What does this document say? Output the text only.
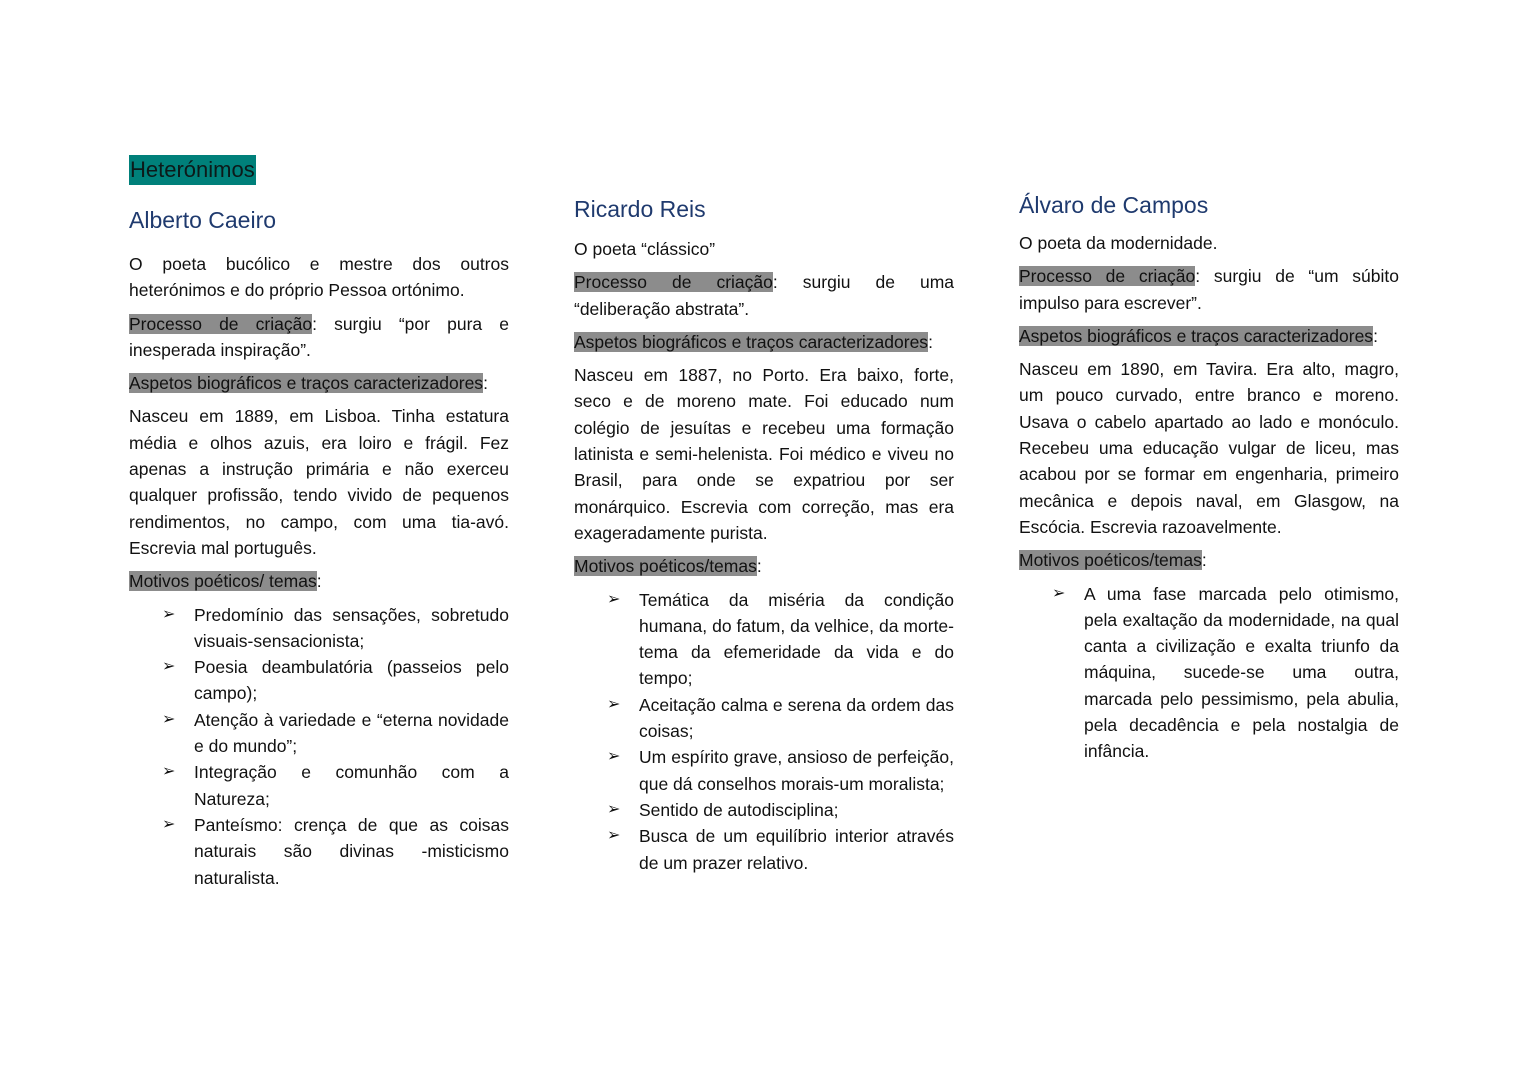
Heterónimos
Alberto Caeiro

O poeta bucólico e mestre dos outros heterónimos e do próprio Pessoa ortónimo.

Processo de criação: surgiu “por pura e inesperada inspiração”.

Aspetos biográficos e traços caracterizadores:

Nasceu em 1889, em Lisboa. Tinha estatura média e olhos azuis, era loiro e frágil. Fez apenas a instrução primária e não exerceu qualquer profissão, tendo vivido de pequenos rendimentos, no campo, com uma tia-avó. Escrevia mal português.

Motivos poéticos/ temas:

➢ Predomínio das sensações, sobretudo visuais-sensacionista;
➢ Poesia deambulatória (passeios pelo campo);
➢ Atenção à variedade e “eterna novidade e do mundo”;
➢ Integração e comunhão com a Natureza;
➢ Panteísmo: crença de que as coisas naturais são divinas -misticismo naturalista.
Ricardo Reis

O poeta “clássico”

Processo de criação: surgiu de uma “deliberação abstrata”.

Aspetos biográficos e traços caracterizadores:

Nasceu em 1887, no Porto. Era baixo, forte, seco e de moreno mate. Foi educado num colégio de jesuítas e recebeu uma formação latinista e semi-helenista. Foi médico e viveu no Brasil, para onde se expatriou por ser monárquico. Escrevia com correção, mas era exageradamente purista.

Motivos poéticos/temas:

➢ Temática da miséria da condição humana, do fatum, da velhice, da morte- tema da efemeridade da vida e do tempo;
➢ Aceitação calma e serena da ordem das coisas;
➢ Um espírito grave, ansioso de perfeição, que dá conselhos morais-um moralista;
➢ Sentido de autodisciplina;
➢ Busca de um equilíbrio interior através de um prazer relativo.
Álvaro de Campos

O poeta da modernidade.

Processo de criação: surgiu de “um súbito impulso para escrever”.

Aspetos biográficos e traços caracterizadores:

Nasceu em 1890, em Tavira. Era alto, magro, um pouco curvado, entre branco e moreno. Usava o cabelo apartado ao lado e monóculo. Recebeu uma educação vulgar de liceu, mas acabou por se formar em engenharia, primeiro mecânica e depois naval, em Glasgow, na Escócia. Escrevia razoavelmente.

Motivos poéticos/temas:

➢ A uma fase marcada pelo otimismo, pela exaltação da modernidade, na qual canta a civilização e exalta triunfo da máquina, sucede-se uma outra, marcada pelo pessimismo, pela abulia, pela decadência e pela nostalgia de infância.
